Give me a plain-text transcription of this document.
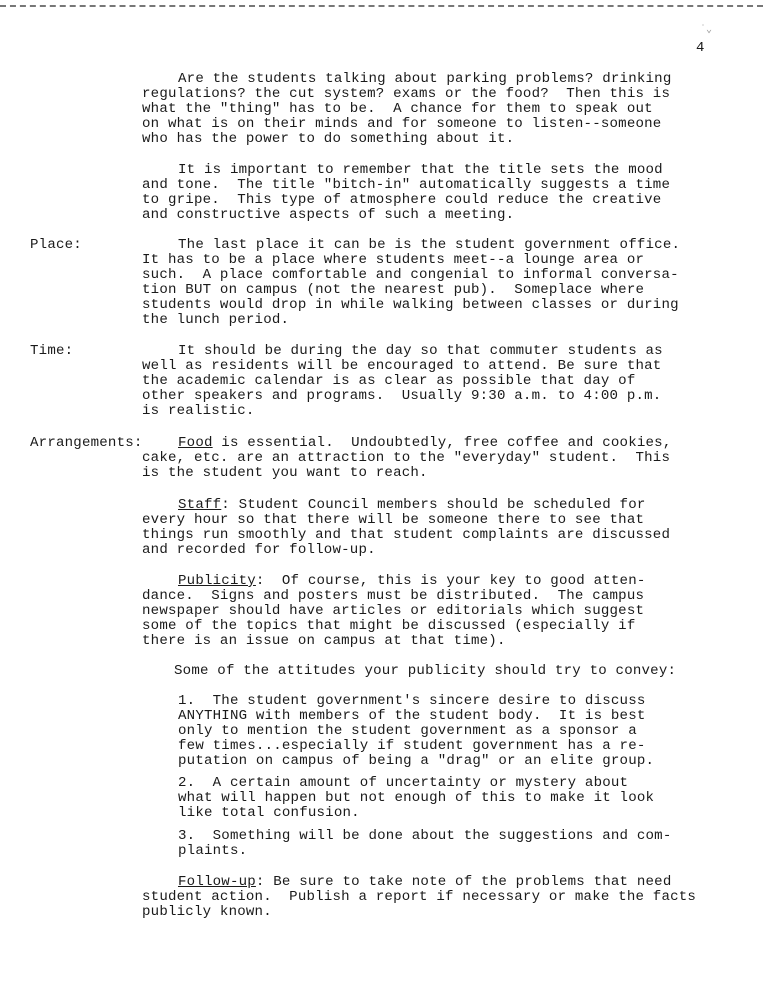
˙⌄
4
Are the students talking about parking problems? drinking
regulations? the cut system? exams or the food?  Then this is
what the "thing" has to be.  A chance for them to speak out
on what is on their minds and for someone to listen--someone
who has the power to do something about it.
It is important to remember that the title sets the mood
and tone.  The title "bitch-in" automatically suggests a time
to gripe.  This type of atmosphere could reduce the creative
and constructive aspects of such a meeting.
Place:	The last place it can be is the student government office.
It has to be a place where students meet--a lounge area or
such.  A place comfortable and congenial to informal conversa-
tion BUT on campus (not the nearest pub).  Someplace where
students would drop in while walking between classes or during
the lunch period.
Time:	It should be during the day so that commuter students as
well as residents will be encouraged to attend. Be sure that
the academic calendar is as clear as possible that day of
other speakers and programs.  Usually 9:30 a.m. to 4:00 p.m.
is realistic.
Arrangements:	Food is essential.  Undoubtedly, free coffee and cookies,
cake, etc. are an attraction to the "everyday" student.  This
is the student you want to reach.
Staff: Student Council members should be scheduled for
every hour so that there will be someone there to see that
things run smoothly and that student complaints are discussed
and recorded for follow-up.
Publicity:  Of course, this is your key to good atten-
dance.  Signs and posters must be distributed.  The campus
newspaper should have articles or editorials which suggest
some of the topics that might be discussed (especially if
there is an issue on campus at that time).
Some of the attitudes your publicity should try to convey:
1.  The student government's sincere desire to discuss
ANYTHING with members of the student body.  It is best
only to mention the student government as a sponsor a
few times...especially if student government has a re-
putation on campus of being a "drag" or an elite group.
2.  A certain amount of uncertainty or mystery about
what will happen but not enough of this to make it look
like total confusion.
3.  Something will be done about the suggestions and com-
plaints.
Follow-up: Be sure to take note of the problems that need
student action.  Publish a report if necessary or make the facts
publicly known.
